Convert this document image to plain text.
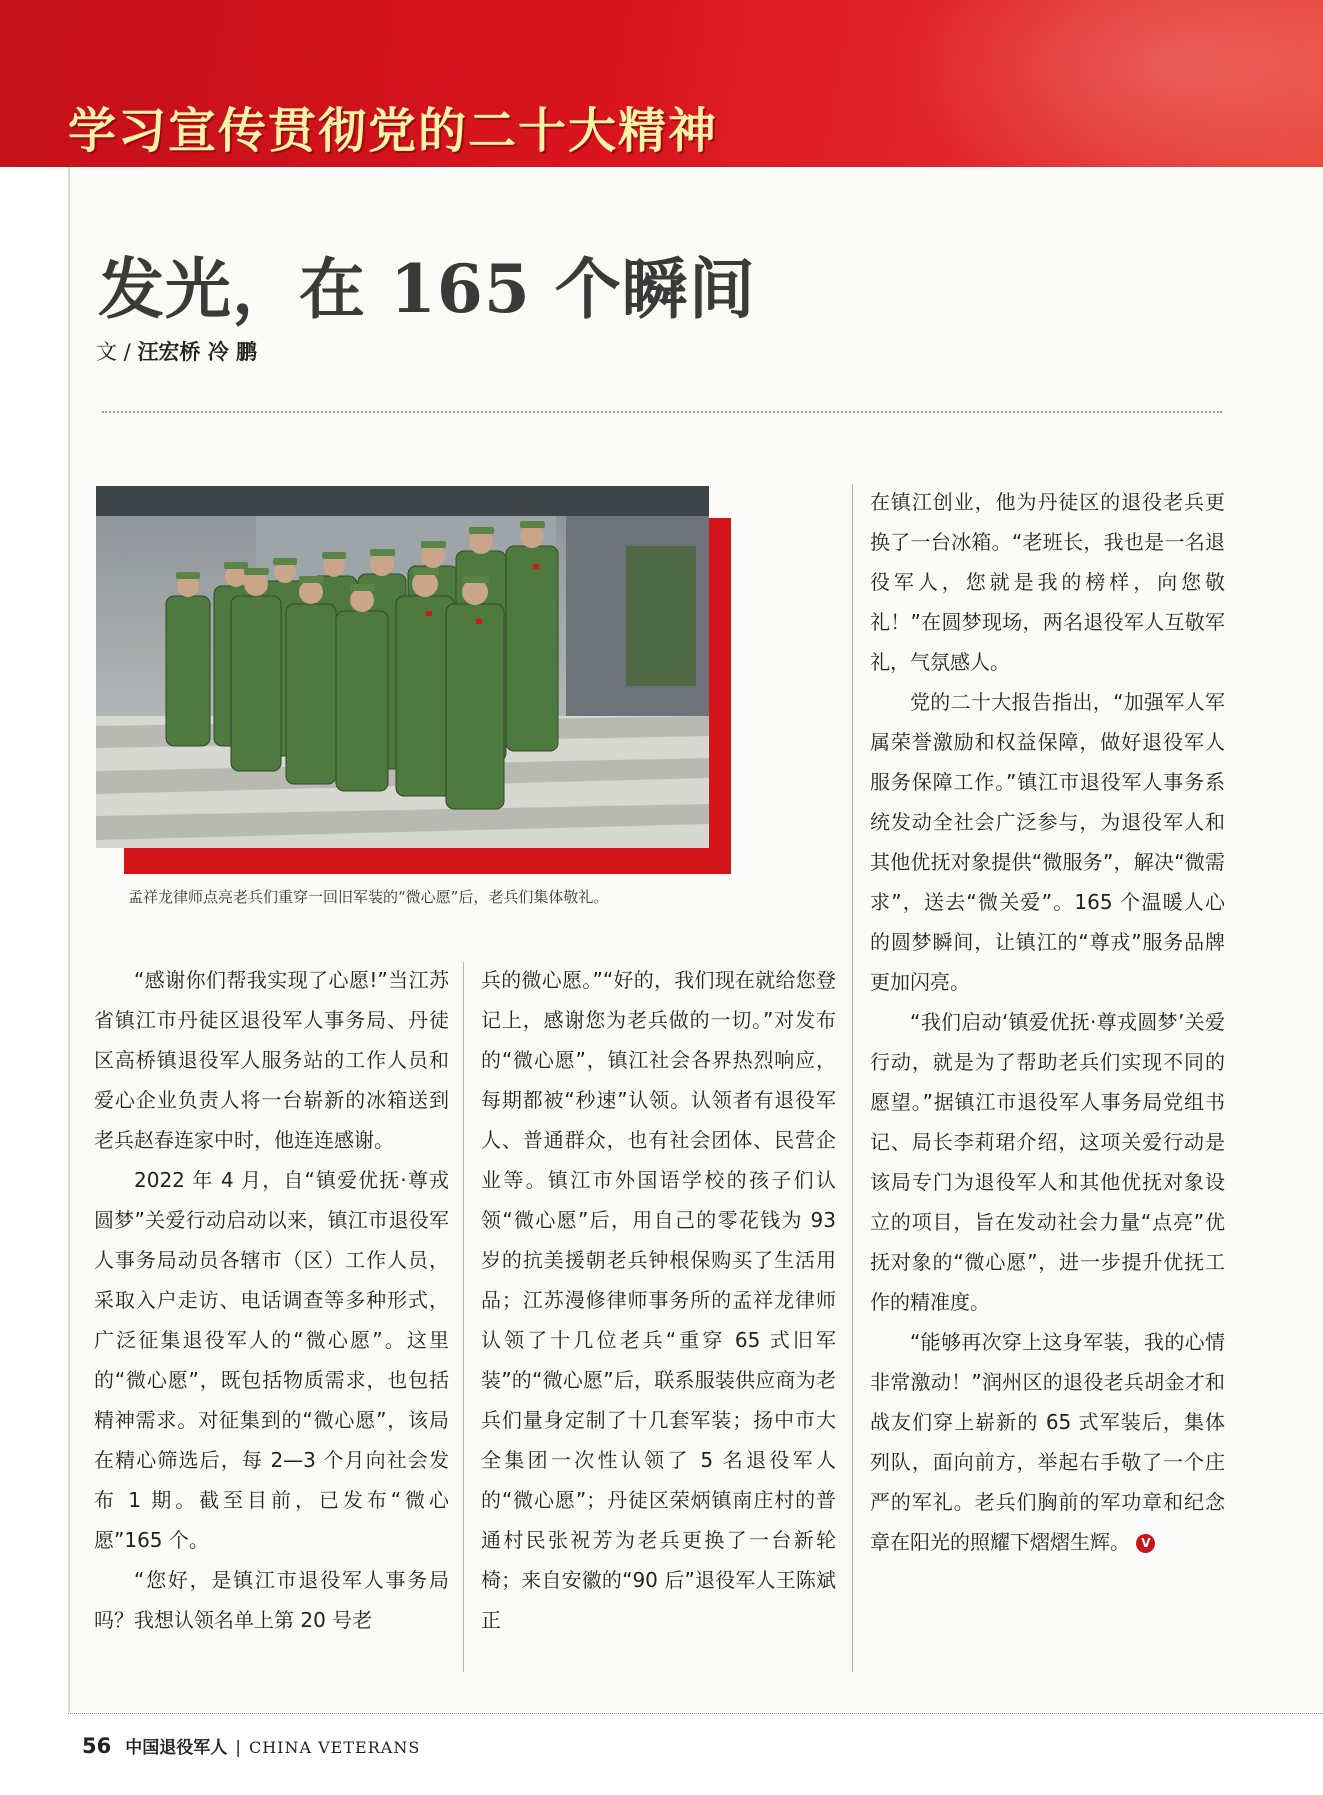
学习宣传贯彻党的二十大精神
发光，在 165 个瞬间
文 / 汪宏桥 冷 鹏
孟祥龙律师点亮老兵们重穿一回旧军装的“微心愿”后，老兵们集体敬礼。

“感谢你们帮我实现了心愿!”当江苏省镇江市丹徒区退役军人事务局、丹徒区高桥镇退役军人服务站的工作人员和爱心企业负责人将一台崭新的冰箱送到老兵赵春连家中时，他连连感谢。

2022 年 4 月，自“镇爱优抚·尊戎圆梦”关爱行动启动以来，镇江市退役军人事务局动员各辖市（区）工作人员，采取入户走访、电话调查等多种形式，广泛征集退役军人的“微心愿”。这里的“微心愿”，既包括物质需求，也包括精神需求。对征集到的“微心愿”，该局在精心筛选后，每 2—3 个月向社会发布 1 期。截至目前，已发布“微心愿”165 个。

“您好，是镇江市退役军人事务局吗？我想认领名单上第 20 号老

兵的微心愿。”“好的，我们现在就给您登记上，感谢您为老兵做的一切。”对发布的“微心愿”，镇江社会各界热烈响应，每期都被“秒速”认领。认领者有退役军人、普通群众，也有社会团体、民营企业等。镇江市外国语学校的孩子们认领“微心愿”后，用自己的零花钱为 93 岁的抗美援朝老兵钟根保购买了生活用品；江苏漫修律师事务所的孟祥龙律师认领了十几位老兵“重穿 65 式旧军装”的“微心愿”后，联系服装供应商为老兵们量身定制了十几套军装；扬中市大全集团一次性认领了 5 名退役军人的“微心愿”；丹徒区荣炳镇南庄村的普通村民张祝芳为老兵更换了一台新轮椅；来自安徽的“90 后”退役军人王陈斌正

在镇江创业，他为丹徒区的退役老兵更换了一台冰箱。“老班长，我也是一名退役军人，您就是我的榜样，向您敬礼！”在圆梦现场，两名退役军人互敬军礼，气氛感人。

党的二十大报告指出，“加强军人军属荣誉激励和权益保障，做好退役军人服务保障工作。”镇江市退役军人事务系统发动全社会广泛参与，为退役军人和其他优抚对象提供“微服务”，解决“微需求”，送去“微关爱”。165 个温暖人心的圆梦瞬间，让镇江的“尊戎”服务品牌更加闪亮。

“我们启动‘镇爱优抚·尊戎圆梦’关爱行动，就是为了帮助老兵们实现不同的愿望。”据镇江市退役军人事务局党组书记、局长李莉珺介绍，这项关爱行动是该局专门为退役军人和其他优抚对象设立的项目，旨在发动社会力量“点亮”优抚对象的“微心愿”，进一步提升优抚工作的精准度。

“能够再次穿上这身军装，我的心情非常激动！”润州区的退役老兵胡金才和战友们穿上崭新的 65 式军装后，集体列队，面向前方，举起右手敬了一个庄严的军礼。老兵们胸前的军功章和纪念章在阳光的照耀下熠熠生辉。 V

56 中国退役军人 | CHINA VETERANS
